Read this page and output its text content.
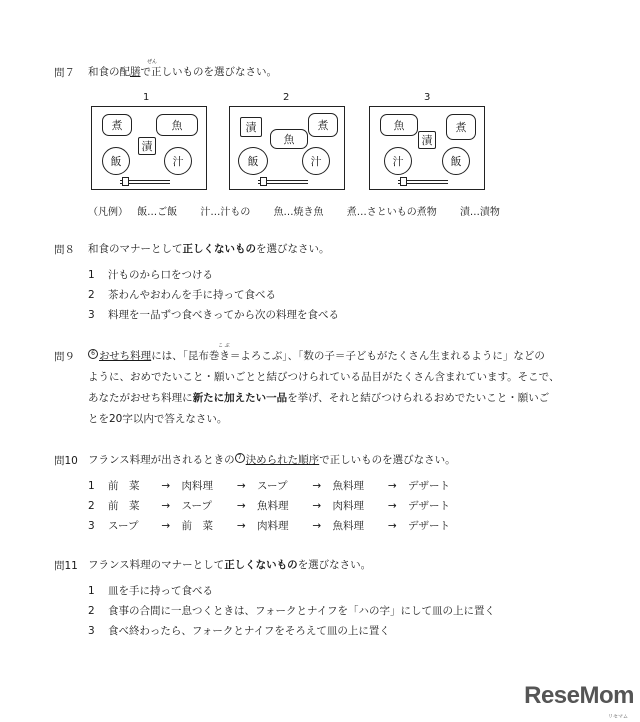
問７ 和食の配膳で正しいものを選びなさい。
ぜん
1
煮	魚
漬
飯	汁
2
漬	煮
魚
飯	汁
3
魚
漬
煮
汁	飯
（凡例） 飯…ご飯 汁…汁もの 魚…焼き魚 煮…さといもの煮物 漬…漬物
問８ 和食のマナーとして正しくないものを選びなさい。
1 汁ものから口をつける
2 茶わんやおわんを手に持って食べる
3 料理を一品ずつ食べきってから次の料理を食べる
問９
こ ぶ
6 おせち料理には、「昆布巻き＝よろこぶ」、「数の子＝子どもがたくさん生まれるように」などの
ように、おめでたいこと・願いごとと結びつけられている品目がたくさん含まれています。そこで、
あなたがおせち料理に新たに加えたい一品を挙げ、それと結びつけられるおめでたいこと・願いご
とを20字以内で答えなさい。
問10 フランス料理が出されるときの 7 決められた順序で正しいものを選びなさい。
1 前　菜 → 肉料理 → スープ → 魚料理 → デザート
2 前　菜 → スープ → 魚料理 → 肉料理 → デザート
3 スープ → 前　菜 → 肉料理 → 魚料理 → デザート
問11 フランス料理のマナーとして正しくないものを選びなさい。
1 皿を手に持って食べる
2 食事の合間に一息つくときは、フォークとナイフを「ハの字」にして皿の上に置く
3 食べ終わったら、フォークとナイフをそろえて皿の上に置く
ReseMom
リセマム
